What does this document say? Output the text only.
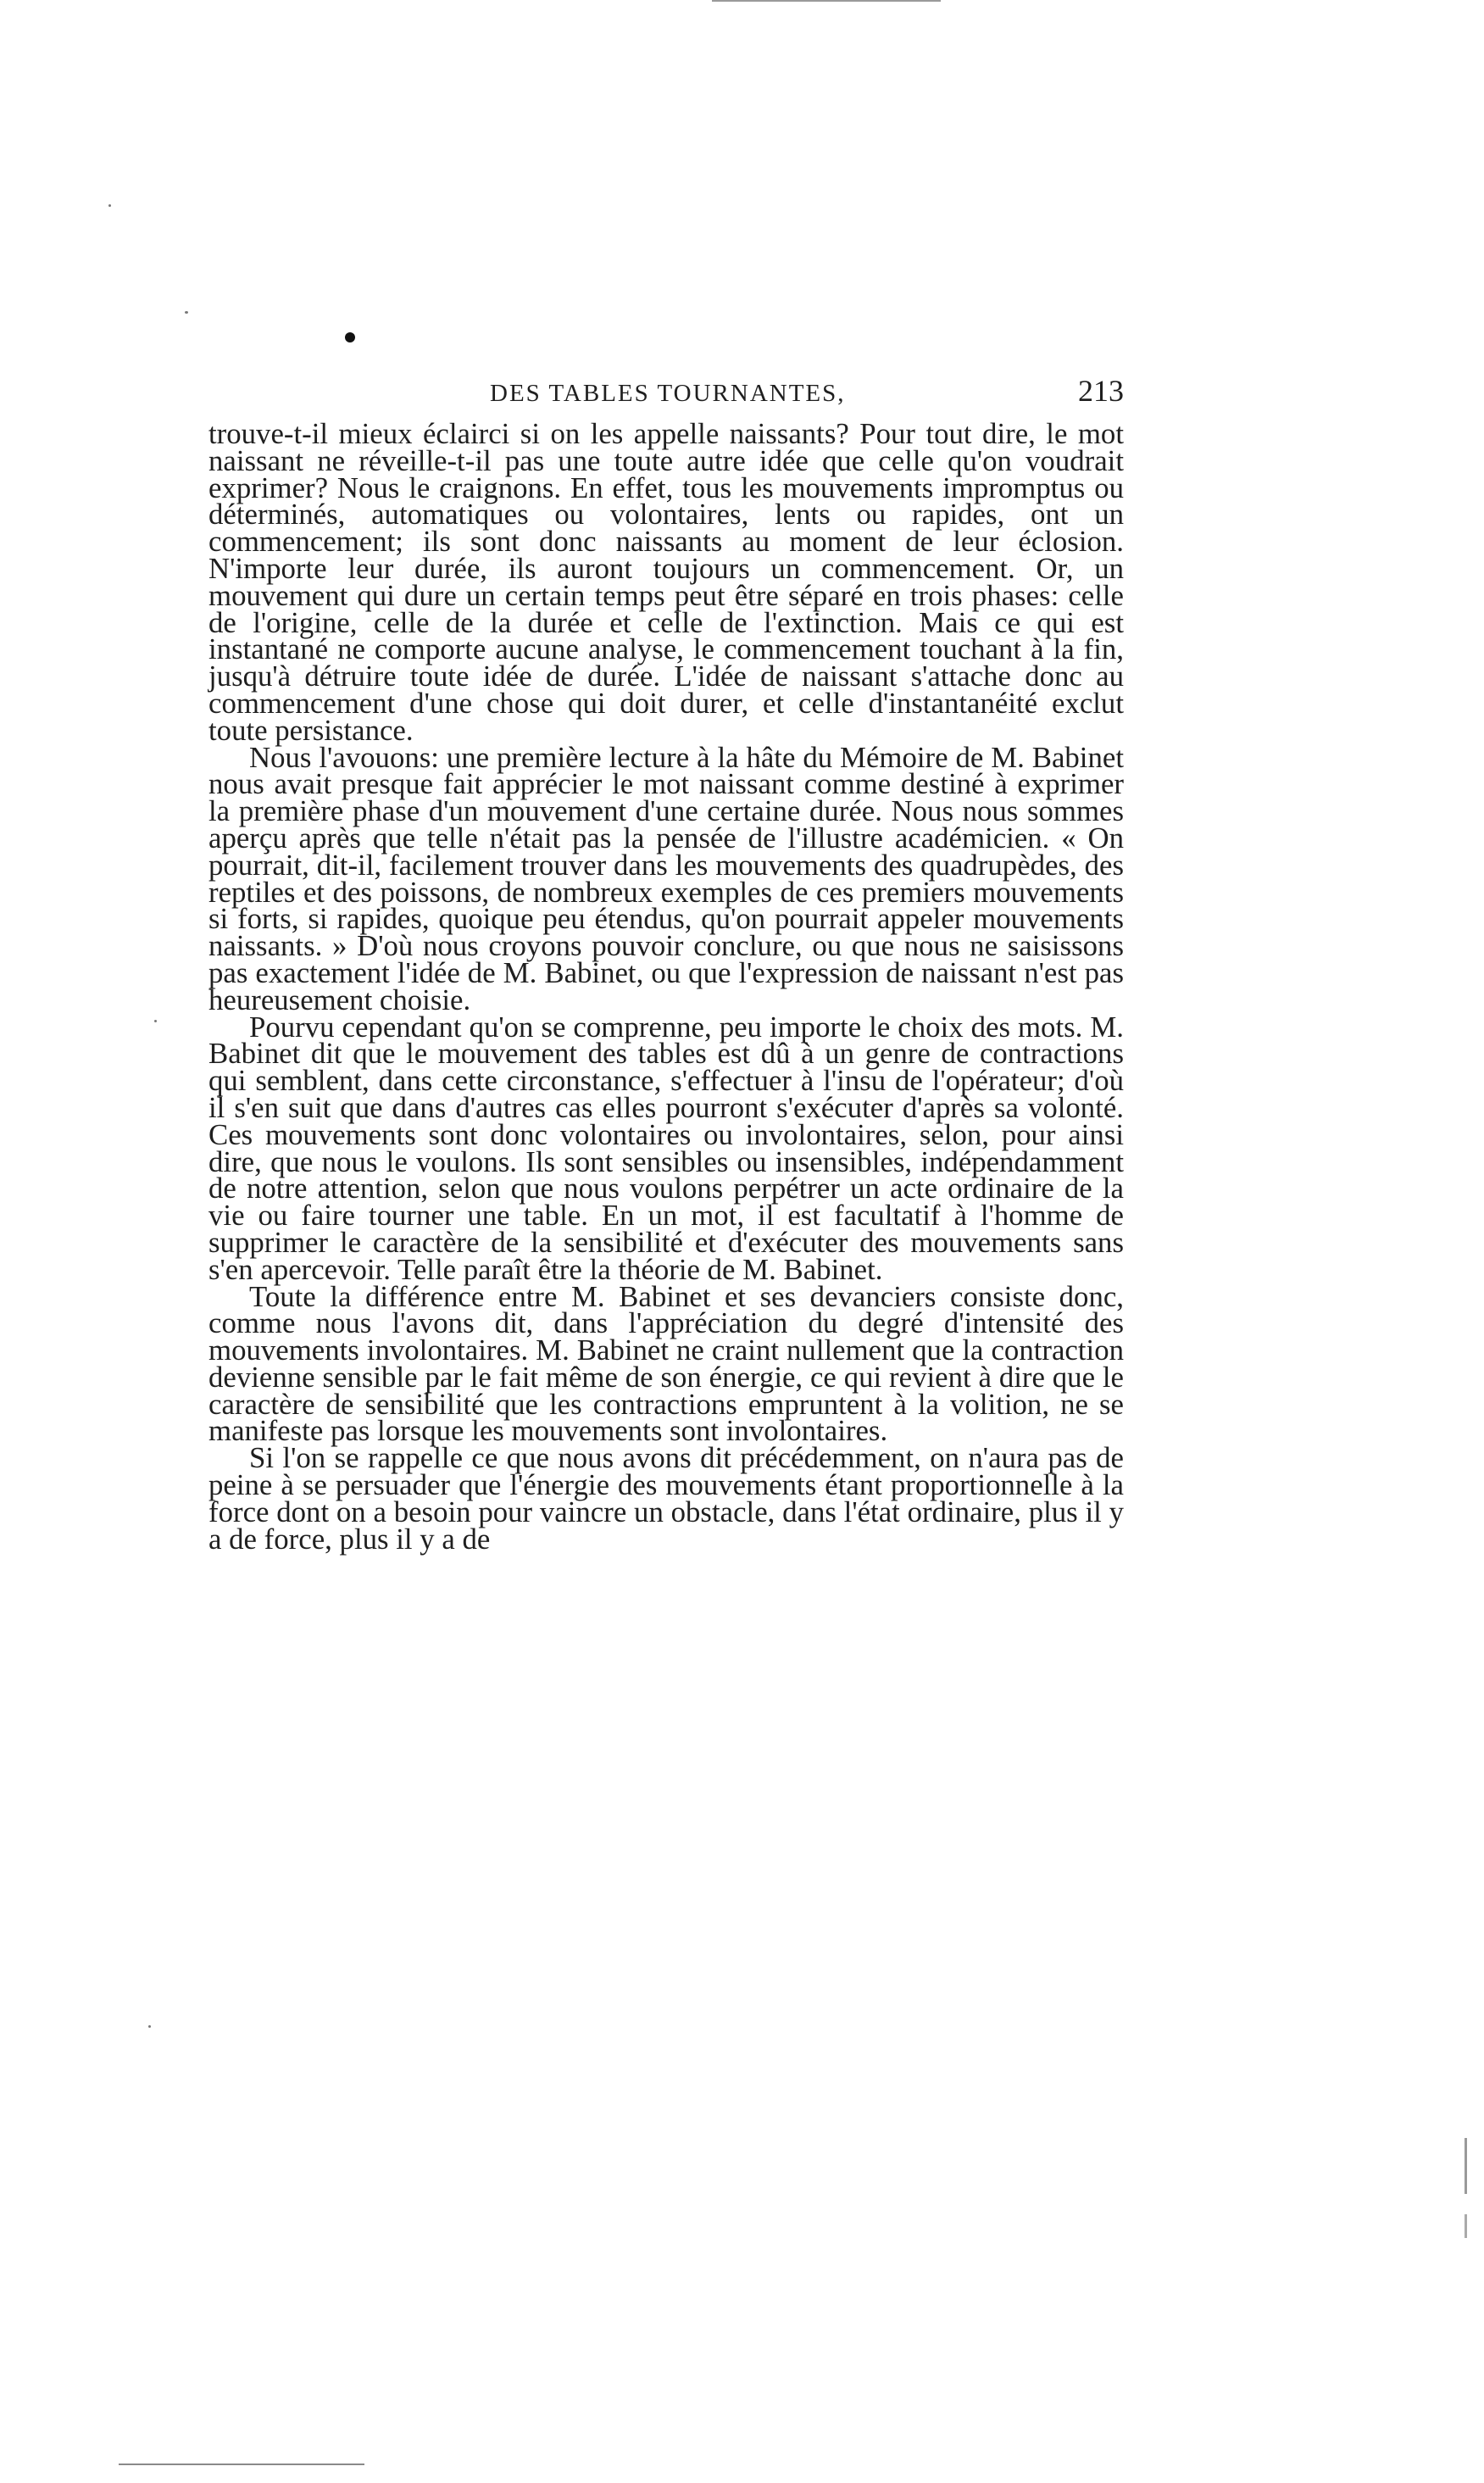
DES TABLES TOURNANTES,	213

trouve-t-il mieux éclairci si on les appelle naissants? Pour tout dire, le mot naissant ne réveille-t-il pas une toute autre idée que celle qu'on voudrait exprimer? Nous le craignons. En effet, tous les mouvements impromptus ou déterminés, automatiques ou volontaires, lents ou rapides, ont un commencement; ils sont donc naissants au moment de leur éclosion. N'importe leur durée, ils auront toujours un commencement. Or, un mouvement qui dure un certain temps peut être séparé en trois phases: celle de l'origine, celle de la durée et celle de l'extinction. Mais ce qui est instantané ne comporte aucune analyse, le commencement touchant à la fin, jusqu'à détruire toute idée de durée. L'idée de naissant s'attache donc au commencement d'une chose qui doit durer, et celle d'instantanéité exclut toute persistance.

Nous l'avouons: une première lecture à la hâte du Mémoire de M. Babinet nous avait presque fait apprécier le mot naissant comme destiné à exprimer la première phase d'un mouvement d'une certaine durée. Nous nous sommes aperçu après que telle n'était pas la pensée de l'illustre académicien. « On pourrait, dit-il, facilement trouver dans les mouvements des quadrupèdes, des reptiles et des poissons, de nombreux exemples de ces premiers mouvements si forts, si rapides, quoique peu étendus, qu'on pourrait appeler mouvements naissants. » D'où nous croyons pouvoir conclure, ou que nous ne saisissons pas exactement l'idée de M. Babinet, ou que l'expression de naissant n'est pas heureusement choisie.

Pourvu cependant qu'on se comprenne, peu importe le choix des mots. M. Babinet dit que le mouvement des tables est dû à un genre de contractions qui semblent, dans cette circonstance, s'effectuer à l'insu de l'opérateur; d'où il s'en suit que dans d'autres cas elles pourront s'exécuter d'après sa volonté. Ces mouvements sont donc volontaires ou involontaires, selon, pour ainsi dire, que nous le voulons. Ils sont sensibles ou insensibles, indépendamment de notre attention, selon que nous voulons perpétrer un acte ordinaire de la vie ou faire tourner une table. En un mot, il est facultatif à l'homme de supprimer le caractère de la sensibilité et d'exécuter des mouvements sans s'en apercevoir. Telle paraît être la théorie de M. Babinet.

Toute la différence entre M. Babinet et ses devanciers consiste donc, comme nous l'avons dit, dans l'appréciation du degré d'intensité des mouvements involontaires. M. Babinet ne craint nullement que la contraction devienne sensible par le fait même de son énergie, ce qui revient à dire que le caractère de sensibilité que les contractions empruntent à la volition, ne se manifeste pas lorsque les mouvements sont involontaires.

Si l'on se rappelle ce que nous avons dit précédemment, on n'aura pas de peine à se persuader que l'énergie des mouvements étant proportionnelle à la force dont on a besoin pour vaincre un obstacle, dans l'état ordinaire, plus il y a de force, plus il y a de
